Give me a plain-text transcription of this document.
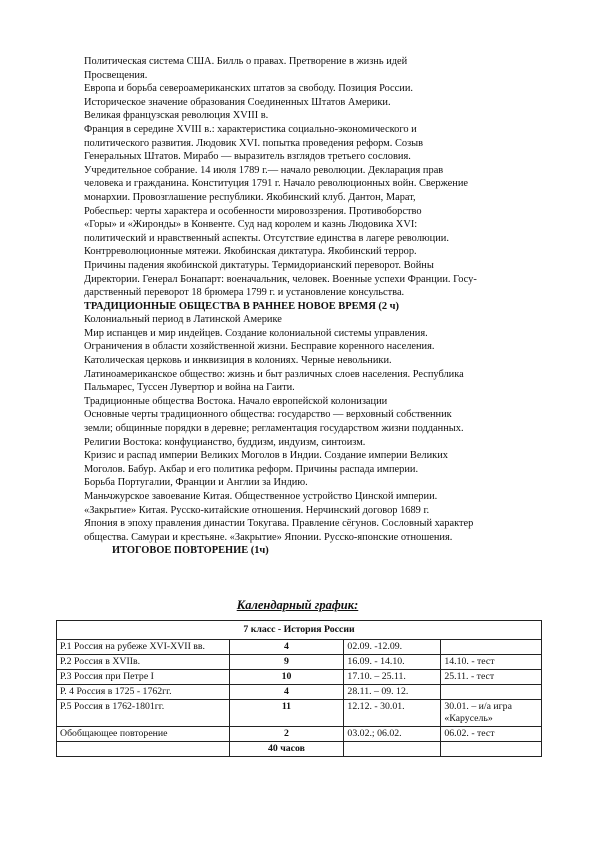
Политическая система США. Билль о правах. Претворение в жизнь идей

Просвещения.

Европа и борьба североамериканских штатов за свободу. Позиция России.

Историческое значение образования Соединенных Штатов Америки.

Великая французская революция XVIII в.

Франция в середине XVIII в.: характеристика социально-экономического и

политического развития. Людовик XVI. попытка проведения реформ. Созыв

Генеральных Штатов. Мирабо — выразитель взглядов третьего сословия.

Учредительное собрание. 14 июля 1789 г.— начало революции. Декларация прав

человека и гражданина. Конституция 1791 г. Начало революционных войн. Свержение

монархии. Провозглашение республики. Якобинский клуб. Дантон, Марат,

Робеспьер: черты характера и особенности мировоззрения. Противоборство

«Горы» и «Жиронды» в Конвенте. Суд над королем и казнь Людовика XVI:

политический и нравственный аспекты. Отсутствие единства в лагере революции.

Контрреволюционные мятежи. Якобинская диктатура. Якобинский террор.

Причины падения якобинской диктатуры. Термидорианский переворот. Войны

Директории. Генерал Бонапарт: военачальник, человек. Военные успехи Франции. Госу-

дарственный переворот 18 брюмера 1799 г. и установление консульства.

ТРАДИЦИОННЫЕ ОБЩЕСТВА В РАННЕЕ НОВОЕ ВРЕМЯ (2 ч)

Колониальный период в Латинской Америке

Мир испанцев и мир индейцев. Создание колониальной системы управления.

Ограничения в области хозяйственной жизни. Бесправие коренного населения.

Католическая церковь и инквизиция в колониях. Черные невольники.

Латиноамериканское общество: жизнь и быт различных слоев населения. Республика

Пальмарес, Туссен Лувертюр и война на Гаити.

Традиционные общества Востока. Начало европейской колонизации

Основные черты традиционного общества: государство — верховный собственник

земли; общинные порядки в деревне; регламентация государством жизни подданных.

Религии Востока: конфуцианство, буддизм, индуизм, синтоизм.

Кризис и распад империи Великих Моголов в Индии. Создание империи Великих

Моголов. Бабур. Акбар и его политика реформ. Причины распада империи.

Борьба Португалии, Франции и Англии за Индию.

Маньчжурское завоевание Китая. Общественное устройство Цинской империи.

«Закрытие» Китая. Русско-китайские отношения. Нерчинский договор 1689 г.

Япония в эпоху правления династии Токугава. Правление сёгунов. Сословный характер

общества. Самураи и крестьяне. «Закрытие» Японии. Русско-японские отношения.

ИТОГОВОЕ ПОВТОРЕНИЕ (1ч)

Календарный график:
7 класс - История России			
Р.1 Россия на рубеже XVI-XVII вв.	4	02.09. -12.09.	
Р.2 Россия в XVIIв.	9	16.09. - 14.10.	14.10. - тест
Р.3 Россия при Петре I	10	17.10. – 25.11.	25.11. - тест
Р. 4 Россия в 1725 - 1762гг.	4	28.11. – 09. 12.	
Р.5 Россия в 1762-1801гг.	11	12.12. - 30.01.	30.01. – и/а игра «Карусель»
Обобщающее повторение	2	03.02.; 06.02.	06.02. - тест
	40 часов		
